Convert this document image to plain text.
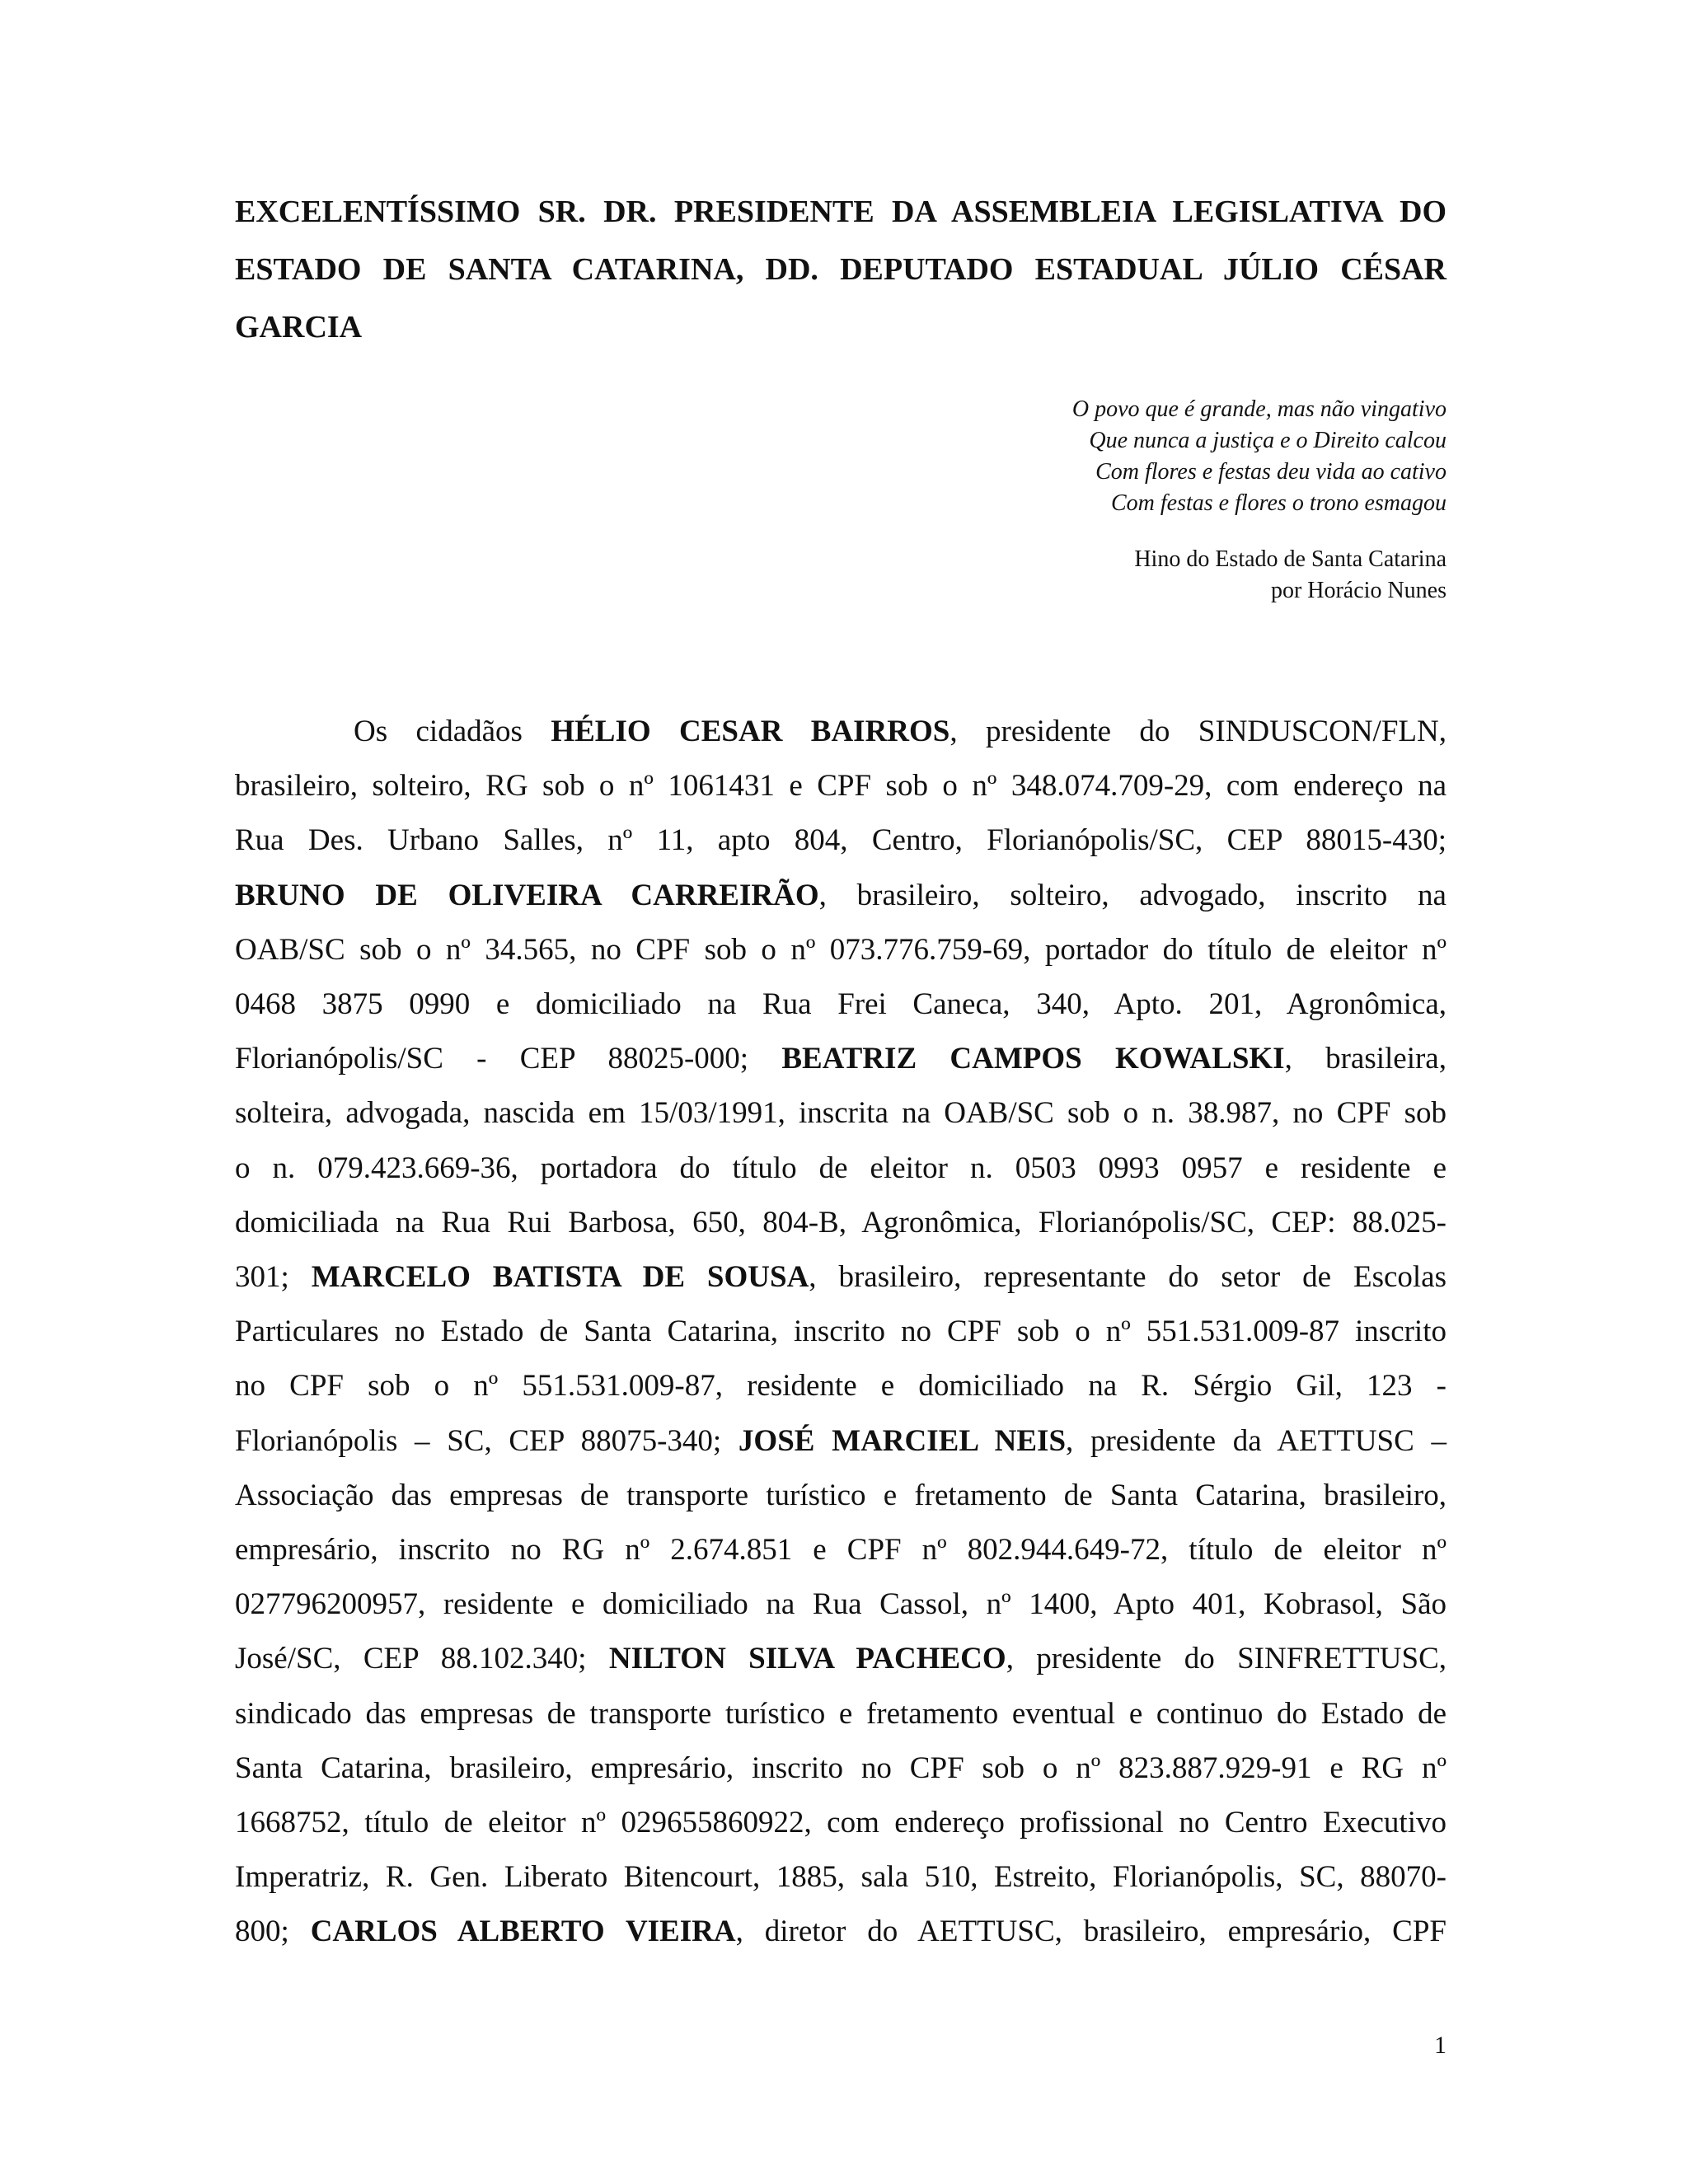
EXCELENTÍSSIMO SR. DR. PRESIDENTE DA ASSEMBLEIA LEGISLATIVA DO
ESTADO DE SANTA CATARINA, DD. DEPUTADO ESTADUAL JÚLIO CÉSAR
GARCIA
O povo que é grande, mas não vingativo
Que nunca a justiça e o Direito calcou
Com flores e festas deu vida ao cativo
Com festas e flores o trono esmagou
Hino do Estado de Santa Catarina
por Horácio Nunes
Os cidadãos HÉLIO CESAR BAIRROS, presidente do SINDUSCON/FLN,
brasileiro, solteiro, RG sob o nº 1061431 e CPF sob o nº 348.074.709-29, com endereço na
Rua Des. Urbano Salles, nº 11, apto 804, Centro, Florianópolis/SC, CEP 88015-430;
BRUNO DE OLIVEIRA CARREIRÃO, brasileiro, solteiro, advogado, inscrito na
OAB/SC sob o nº 34.565, no CPF sob o nº 073.776.759-69, portador do título de eleitor nº
0468 3875 0990 e domiciliado na Rua Frei Caneca, 340, Apto. 201, Agronômica,
Florianópolis/SC - CEP 88025-000; BEATRIZ CAMPOS KOWALSKI, brasileira,
solteira, advogada, nascida em 15/03/1991, inscrita na OAB/SC sob o n. 38.987, no CPF sob
o n. 079.423.669-36, portadora do título de eleitor n. 0503 0993 0957 e residente e
domiciliada na Rua Rui Barbosa, 650, 804-B, Agronômica, Florianópolis/SC, CEP: 88.025-
301; MARCELO BATISTA DE SOUSA, brasileiro, representante do setor de Escolas
Particulares no Estado de Santa Catarina, inscrito no CPF sob o nº 551.531.009-87 inscrito
no CPF sob o nº 551.531.009-87, residente e domiciliado na R. Sérgio Gil, 123 -
Florianópolis – SC, CEP 88075-340; JOSÉ MARCIEL NEIS, presidente da AETTUSC –
Associação das empresas de transporte turístico e fretamento de Santa Catarina, brasileiro,
empresário, inscrito no RG nº 2.674.851 e CPF nº 802.944.649-72, título de eleitor nº
027796200957, residente e domiciliado na Rua Cassol, nº 1400, Apto 401, Kobrasol, São
José/SC, CEP 88.102.340; NILTON SILVA PACHECO, presidente do SINFRETTUSC,
sindicado das empresas de transporte turístico e fretamento eventual e continuo do Estado de
Santa Catarina, brasileiro, empresário, inscrito no CPF sob o nº 823.887.929-91 e RG nº
1668752, título de eleitor nº 029655860922, com endereço profissional no Centro Executivo
Imperatriz, R. Gen. Liberato Bitencourt, 1885, sala 510, Estreito, Florianópolis, SC, 88070-
800; CARLOS ALBERTO VIEIRA, diretor do AETTUSC, brasileiro, empresário, CPF
1
